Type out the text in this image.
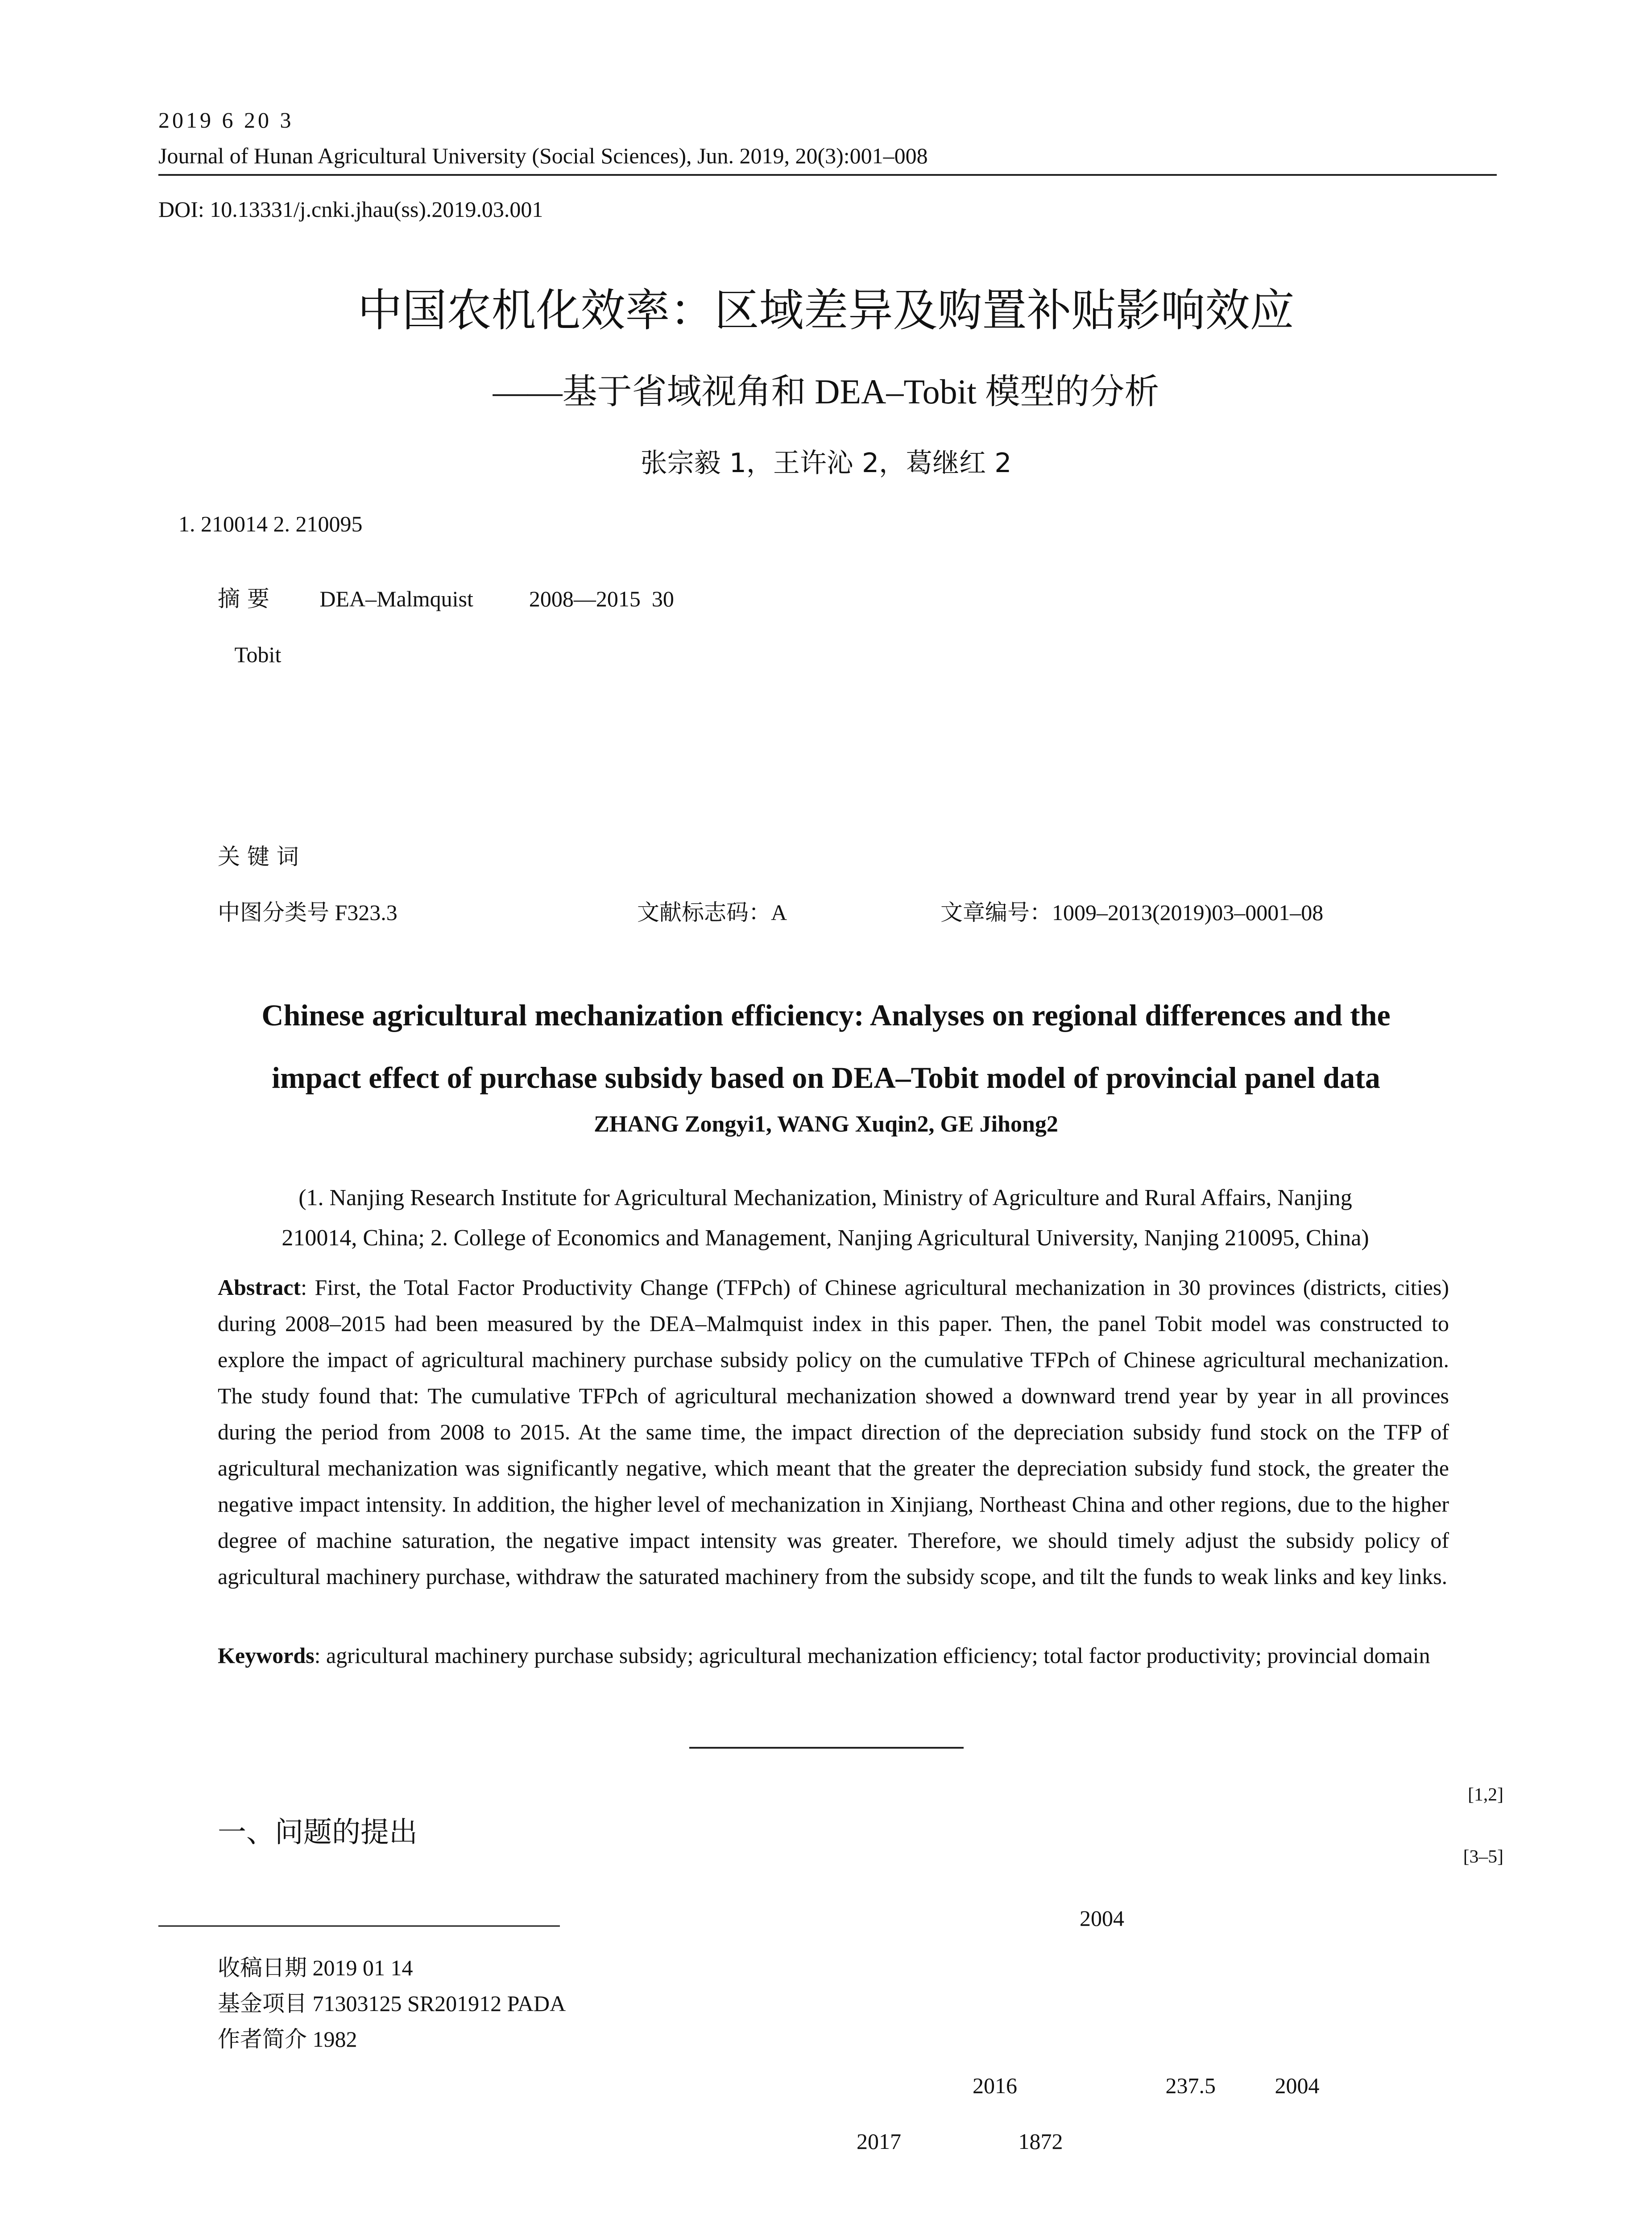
2019 6 20 3
Journal of Hunan Agricultural University (Social Sciences), Jun. 2019, 20(3):001–008
DOI: 10.13331/j.cnki.jhau(ss).2019.03.001
中国农机化效率：区域差异及购置补贴影响效应
——基于省域视角和 DEA–Tobit 模型的分析
张宗毅 1，王许沁 2，葛继红 2
1. 210014 2. 210095
摘 要 DEA–Malmquist	2008—2015 30
Tobit
关 键 词
中图分类号 F323.3	文献标志码：A	文章编号：1009–2013(2019)03–0001–08
Chinese agricultural mechanization efficiency: Analyses on regional differences and the
impact effect of purchase subsidy based on DEA–Tobit model of provincial panel data
ZHANG Zongyi1, WANG Xuqin2, GE Jihong2
(1. Nanjing Research Institute for Agricultural Mechanization, Ministry of Agriculture and Rural Affairs, Nanjing
210014, China; 2. College of Economics and Management, Nanjing Agricultural University, Nanjing 210095, China)
Abstract: First, the Total Factor Productivity Change (TFPch) of Chinese agricultural mechanization in 30 provinces (districts, cities) during 2008–2015 had been measured by the DEA–Malmquist index in this paper. Then, the panel Tobit model was constructed to explore the impact of agricultural machinery purchase subsidy policy on the cumulative TFPch of Chinese agricultural mechanization. The study found that: The cumulative TFPch of agricultural mechanization showed a downward trend year by year in all provinces during the period from 2008 to 2015. At the same time, the impact direction of the depreciation subsidy fund stock on the TFP of agricultural mechanization was significantly negative, which meant that the greater the depreciation subsidy fund stock, the greater the negative impact intensity. In addition, the higher level of mechanization in Xinjiang, Northeast China and other regions, due to the higher degree of machine saturation, the negative impact intensity was greater. Therefore, we should timely adjust the subsidy policy of agricultural machinery purchase, withdraw the saturated machinery from the subsidy scope, and tilt the funds to weak links and key links.
Keywords: agricultural machinery purchase subsidy; agricultural mechanization efficiency; total factor productivity; provincial domain
一、问题的提出
收稿日期 2019 01 14
基金项目 71303125 SR201912 PADA
作者简介 1982
[1,2]
[3–5]
2004

2016	237.5	2004
2017	1872
